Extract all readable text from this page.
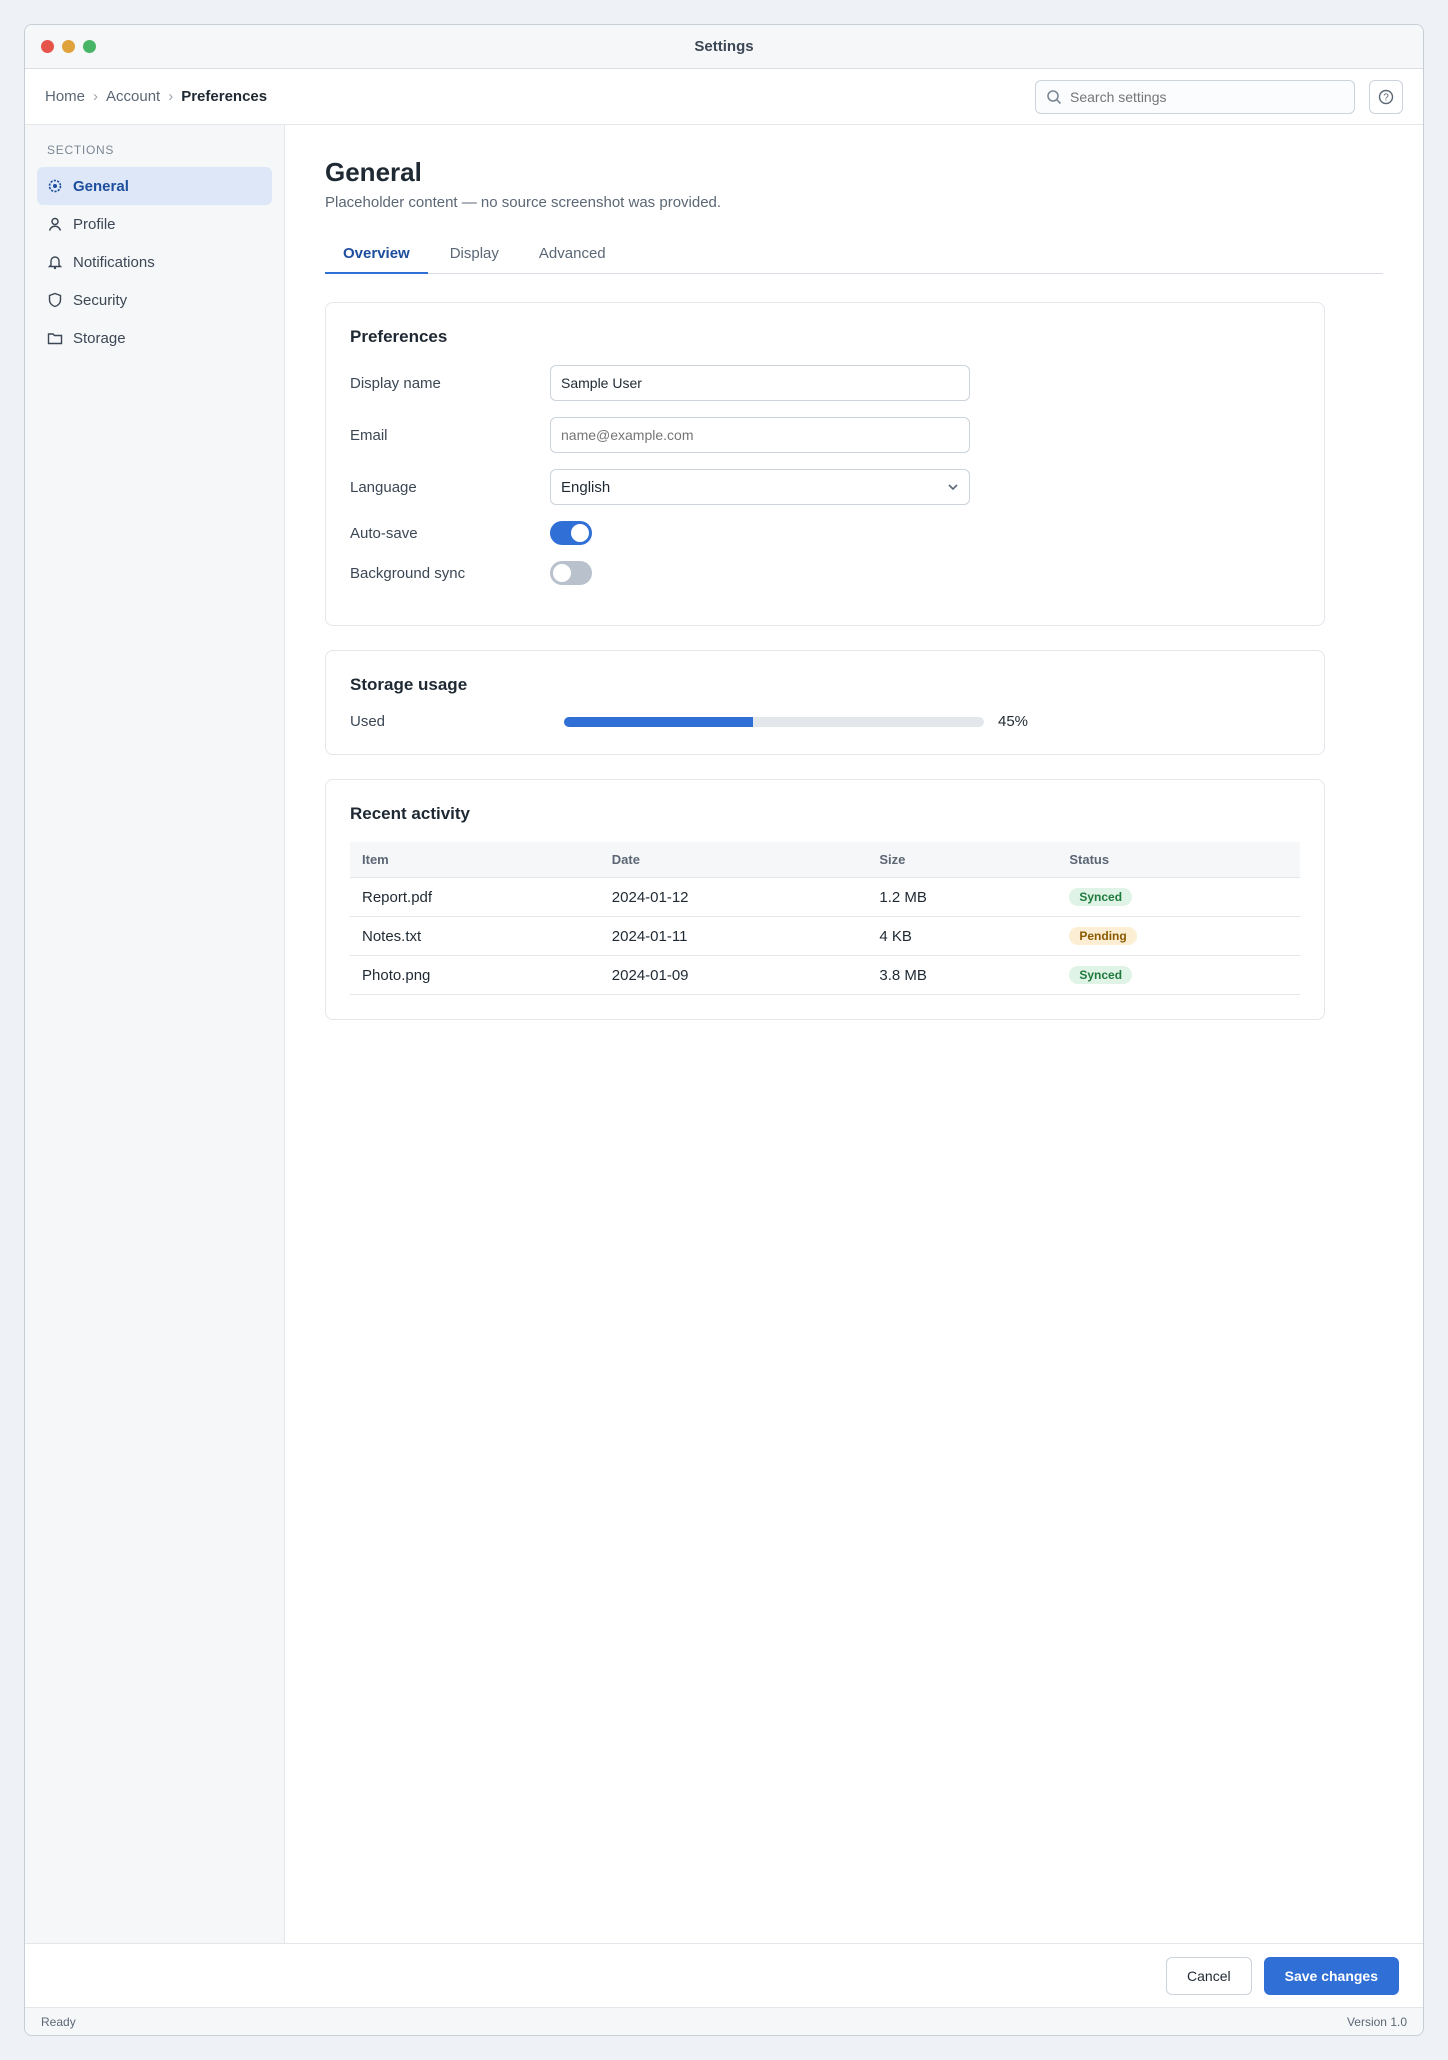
Settings
Home › Account › Preferences
Search settings	?
SECTIONS
General
Profile
Notifications
Security
Storage
General

Placeholder content — no source screenshot was provided.

Overview	Display	Advanced
Preferences
Display name
Sample User
Email
name@example.com
Language	English
Auto-save
Background sync
Storage usage
Used	45%
Recent activity
Item	Date	Size	Status
Report.pdf	2024-01-12	1.2 MB	Synced
Notes.txt	2024-01-11	4 KB	Pending
Photo.png	2024-01-09	3.8 MB	Synced
Cancel	Save changes
Ready	Version 1.0
